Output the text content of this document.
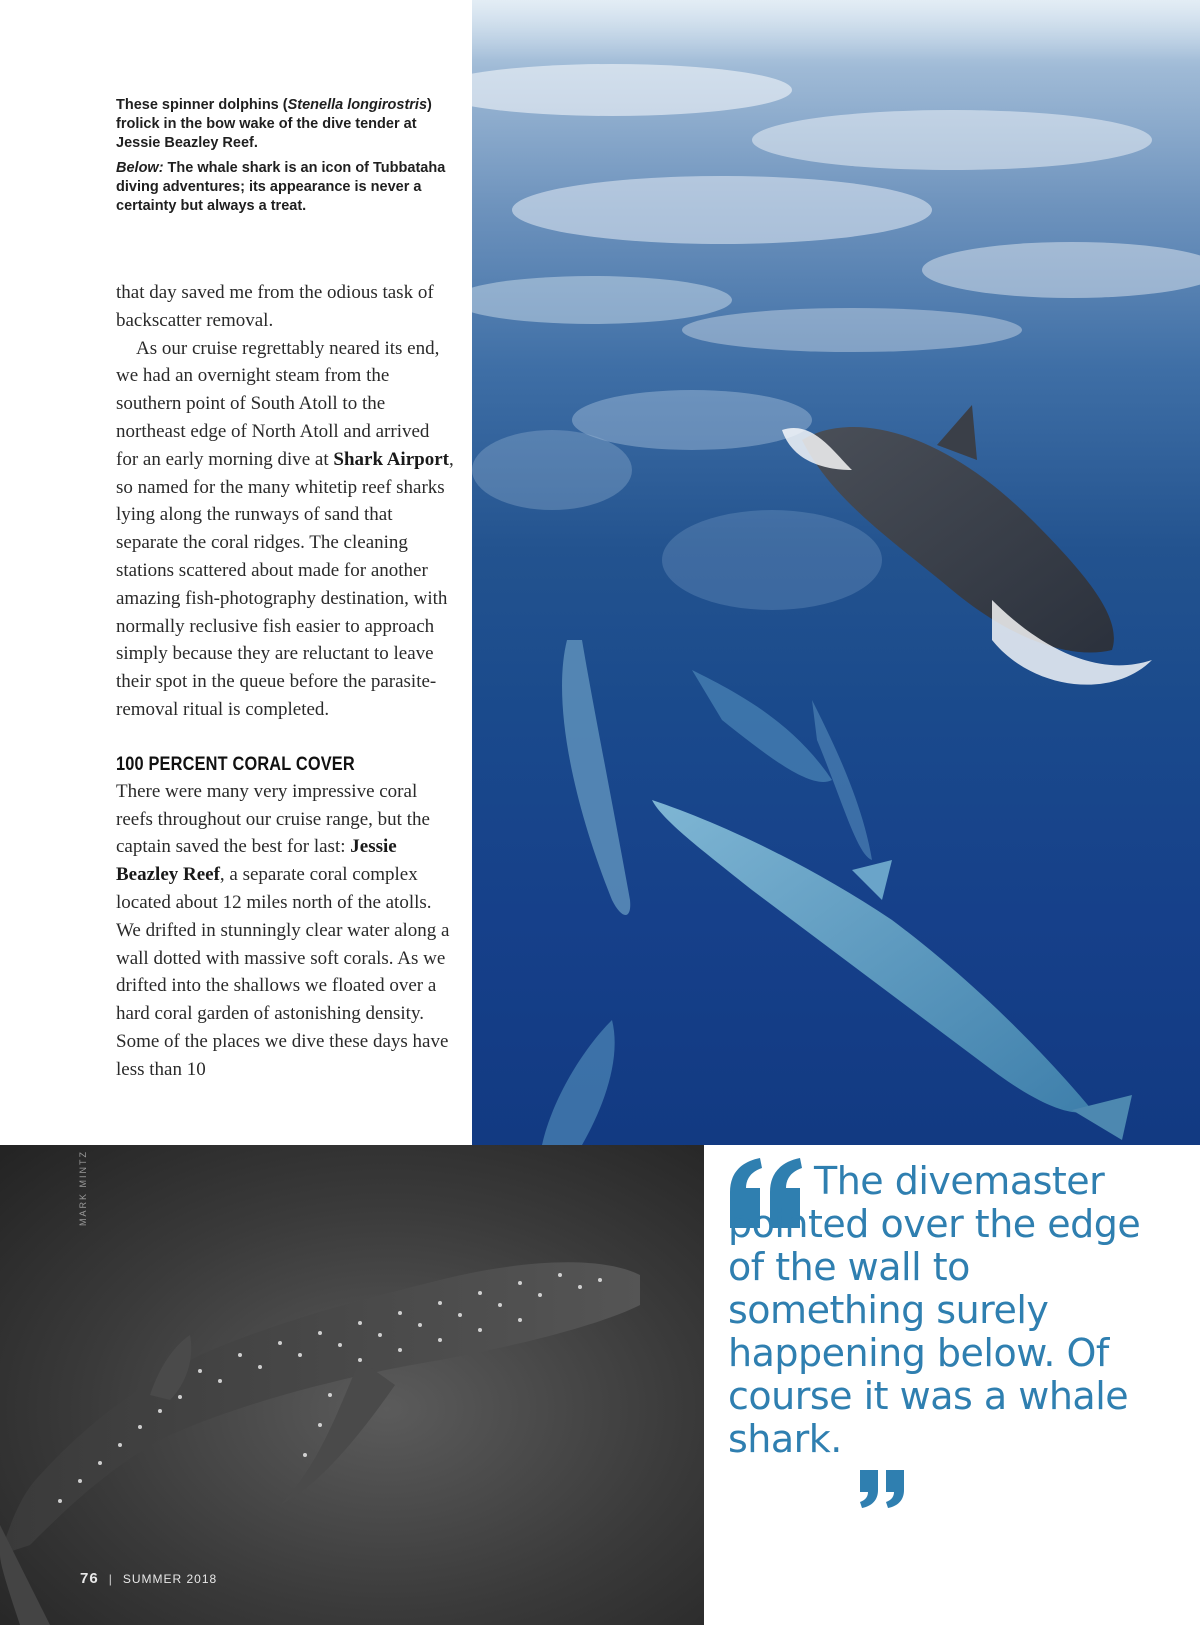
These spinner dolphins (Stenella longirostris) frolick in the bow wake of the dive tender at Jessie Beazley Reef.

Below: The whale shark is an icon of Tubbataha diving adventures; its appearance is never a certainty but always a treat.

that day saved me from the odious task of backscatter removal.

As our cruise regrettably neared its end, we had an overnight steam from the southern point of South Atoll to the northeast edge of North Atoll and arrived for an early morning dive at Shark Airport, so named for the many whitetip reef sharks lying along the runways of sand that separate the coral ridges. The cleaning stations scattered about made for another amazing fish-photography destination, with normally reclusive fish easier to approach simply because they are reluctant to leave their spot in the queue before the parasite-removal ritual is completed.

100 PERCENT CORAL COVER

There were many very impressive coral reefs throughout our cruise range, but the captain saved the best for last: Jessie Beazley Reef, a separate coral complex located about 12 miles north of the atolls. We drifted in stunningly clear water along a wall dotted with massive soft corals. As we drifted into the shallows we floated over a hard coral garden of astonishing density. Some of the places we dive these days have less than 10

MARK MINTZ	The divemaster pointed over the edge of the wall to something surely happening below. Of course it was a whale shark.
76 | SUMMER 2018
